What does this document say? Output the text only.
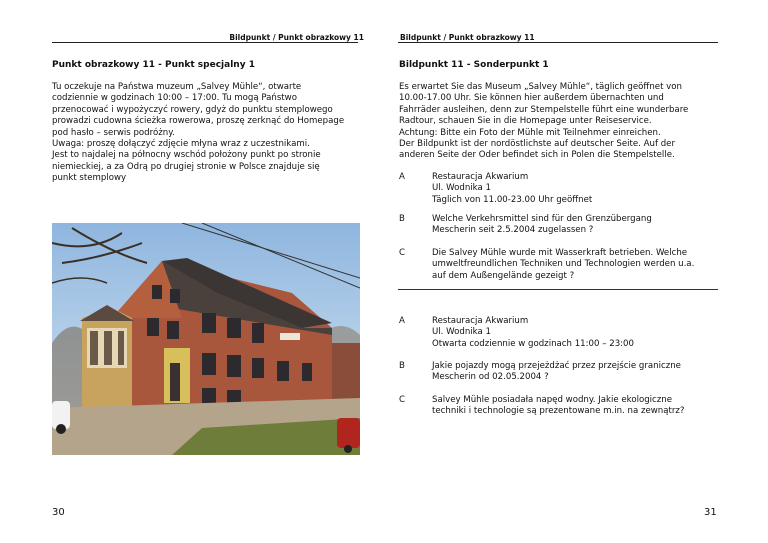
Bildpunkt / Punkt obrazkowy 11
Punkt obrazkowy 11 - Punkt specjalny 1
Tu oczekuje na Państwa muzeum „Salvey Mühle“, otwarte
codziennie w godzinach 10:00 – 17:00. Tu mogą Państwo
przenocować i wypożyczyć rowery, gdyż do punktu stemplowego
prowadzi cudowna ścieżka rowerowa, proszę zerknąć do Homepage
pod hasło – serwis podróżny.
Uwaga: proszę dołączyć zdjęcie młyna wraz z uczestnikami.
Jest to najdalej na północny wschód położony punkt po stronie
niemieckiej, a za Odrą po drugiej stronie w Polsce znajduje się
punkt stemplowy
30
Bildpunkt / Punkt obrazkowy 11
Bildpunkt 11 - Sonderpunkt 1
Es erwartet Sie das Museum „Salvey Mühle“, täglich geöffnet von
10.00-17.00 Uhr. Sie können hier außerdem übernachten und
Fahrräder ausleihen, denn zur Stempelstelle führt eine wunderbare
Radtour, schauen Sie in die Homepage unter Reiseservice.
Achtung: Bitte ein Foto der Mühle mit Teilnehmer einreichen.
Der Bildpunkt ist der nordöstlichste auf deutscher Seite. Auf der
anderen Seite der Oder befindet sich in Polen die Stempelstelle.
A	Restauracja Akwarium
Ul. Wodnika 1
Täglich von 11.00-23.00 Uhr geöffnet
B	Welche Verkehrsmittel sind für den Grenzübergang
Mescherin seit 2.5.2004 zugelassen ?
C	Die Salvey Mühle wurde mit Wasserkraft betrieben. Welche
umweltfreundlichen Techniken und Technologien werden u.a.
auf dem Außengelände gezeigt ?
A	Restauracja Akwarium
Ul. Wodnika 1
Otwarta codziennie w godzinach 11:00 – 23:00
B	Jakie pojazdy mogą przejeżdżać przez przejście graniczne
Mescherin od 02.05.2004 ?
C	Salvey Mühle posiadała napęd wodny. Jakie ekologiczne
techniki i technologie są prezentowane m.in. na zewnątrz?
31
